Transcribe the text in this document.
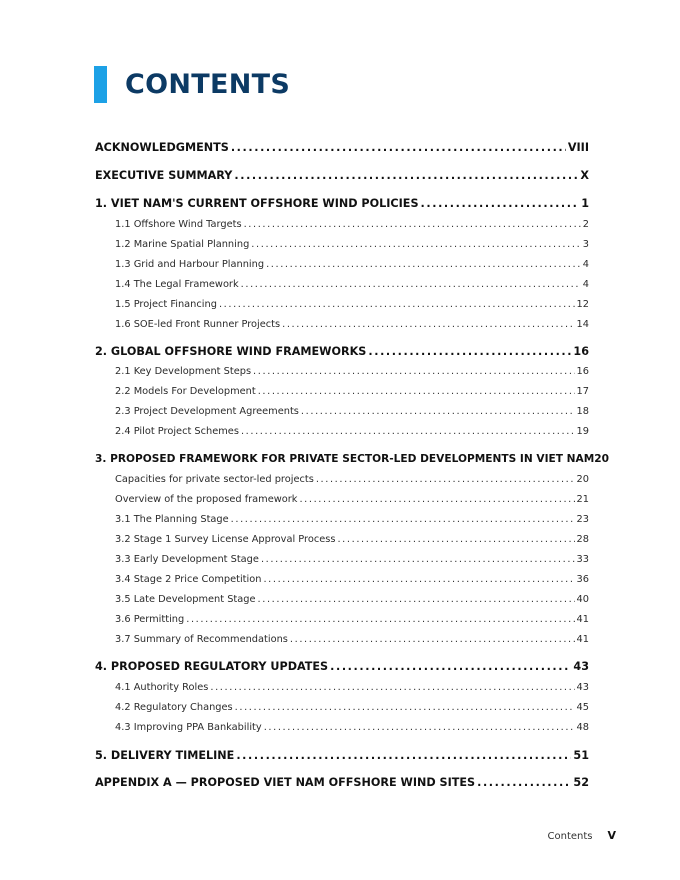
CONTENTS
ACKNOWLEDGMENTS .....	VIII
EXECUTIVE SUMMARY .....	X
1. VIET NAM'S CURRENT OFFSHORE WIND POLICIES .....	1
1.1 Offshore Wind Targets .....	2
1.2 Marine Spatial Planning .....	3
1.3 Grid and Harbour Planning .....	4
1.4 The Legal Framework .....	4
1.5 Project Financing .....	12
1.6 SOE-led Front Runner Projects .....	14
2. GLOBAL OFFSHORE WIND FRAMEWORKS .....	16
2.1 Key Development Steps .....	16
2.2 Models For Development .....	17
2.3 Project Development Agreements .....	18
2.4 Pilot Project Schemes .....	19
3. PROPOSED FRAMEWORK FOR PRIVATE SECTOR-LED DEVELOPMENTS IN VIET NAM 20
Capacities for private sector-led projects .....	20
Overview of the proposed framework .....	21
3.1 The Planning Stage .....	23
3.2 Stage 1 Survey License Approval Process .....	28
3.3 Early Development Stage .....	33
3.4 Stage 2 Price Competition .....	36
3.5 Late Development Stage .....	40
3.6 Permitting .....	41
3.7 Summary of Recommendations .....	41
4. PROPOSED REGULATORY UPDATES .....	43
4.1 Authority Roles .....	43
4.2 Regulatory Changes .....	45
4.3 Improving PPA Bankability .....	48
5. DELIVERY TIMELINE .....	51
APPENDIX A — PROPOSED VIET NAM OFFSHORE WIND SITES .....	52
Contents V
